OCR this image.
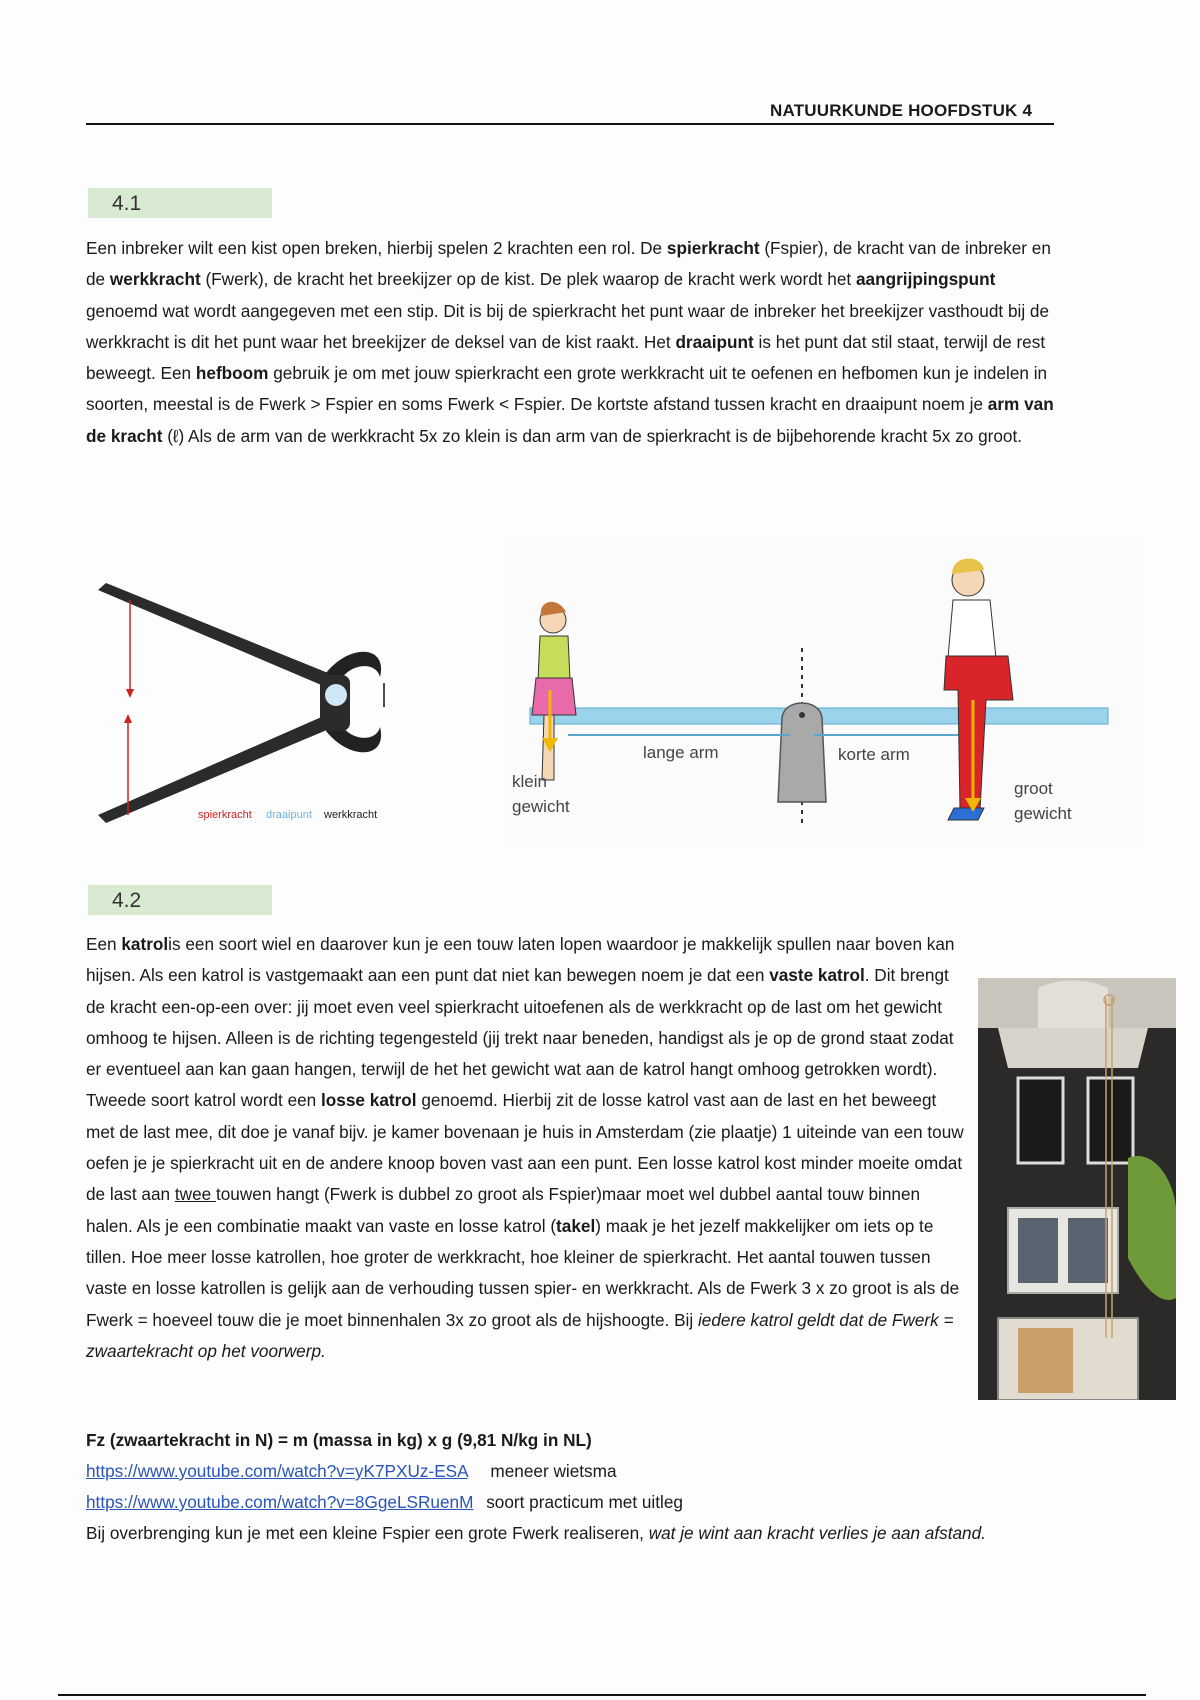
NATUURKUNDE HOOFDSTUK 4
4.1

Een inbreker wilt een kist open breken, hierbij spelen 2 krachten een rol. De spierkracht (Fspier), de kracht van de inbreker en de werkkracht (Fwerk), de kracht het breekijzer op de kist. De plek waarop de kracht werk wordt het aangrijpingspunt genoemd wat wordt aangegeven met een stip. Dit is bij de spierkracht het punt waar de inbreker het breekijzer vasthoudt bij de werkkracht is dit het punt waar het breekijzer de deksel van de kist raakt. Het draaipunt is het punt dat stil staat, terwijl de rest beweegt. Een hefboom gebruik je om met jouw spierkracht een grote werkkracht uit te oefenen en hefbomen kun je indelen in soorten, meestal is de Fwerk > Fspier en soms Fwerk < Fspier. De kortste afstand tussen kracht en draaipunt noem je arm van de kracht (ℓ) Als de arm van de werkkracht 5x zo klein is dan arm van de spierkracht is de bijbehorende kracht 5x zo groot.

spierkracht draaipunt werkkracht
lange arm	korte arm
klein
gewicht
groot
gewicht
4.2

Een katrol

is een soort wiel en daarover kun je een touw laten lopen waardoor je makkelijk spullen naar boven kan hijsen. Als een katrol is vastgemaakt aan een punt dat niet kan bewegen noem je dat een vaste katrol. Dit brengt de kracht een-op-een over: jij moet even veel spierkracht uitoefenen als de werkkracht op de last om het gewicht omhoog te hijsen. Alleen is de richting tegengesteld (jij trekt naar beneden, handigst als je op de grond staat zodat er eventueel aan kan gaan hangen, terwijl de het het gewicht wat aan de katrol hangt omhoog getrokken wordt). Tweede soort katrol wordt een losse katrol genoemd. Hierbij zit de losse katrol vast aan de last en het beweegt met de last mee, dit doe je vanaf bijv. je kamer bovenaan je huis in Amsterdam (zie plaatje) 1 uiteinde van een touw oefen je je spierkracht uit en de andere knoop boven vast aan een punt. Een losse katrol kost minder moeite omdat de last aan twee touwen hangt (Fwerk is dubbel zo groot als Fspier)maar moet wel dubbel aantal touw binnen halen. Als je een combinatie maakt van vaste en losse katrol (takel) maak je het jezelf makkelijker om iets op te tillen. Hoe meer losse katrollen, hoe groter de werkkracht, hoe kleiner de spierkracht. Het aantal touwen tussen vaste en losse katrollen is gelijk aan de verhouding tussen spier- en werkkracht. Als de Fwerk 3 x zo groot is als de Fwerk = hoeveel touw die je moet binnenhalen 3x zo groot als de hijshoogte. Bij iedere katrol geldt dat de Fwerk = zwaartekracht op het voorwerp.

Fz (zwaartekracht in N) = m (massa in kg) x g (9,81 N/kg in NL)
https://www.youtube.com/watch?v=yK7PXUz-ESA meneer wietsma
https://www.youtube.com/watch?v=8GgeLSRuenM soort practicum met uitleg

Bij overbrenging kun je met een kleine Fspier een grote Fwerk realiseren, wat je wint aan kracht verlies je aan afstand.
